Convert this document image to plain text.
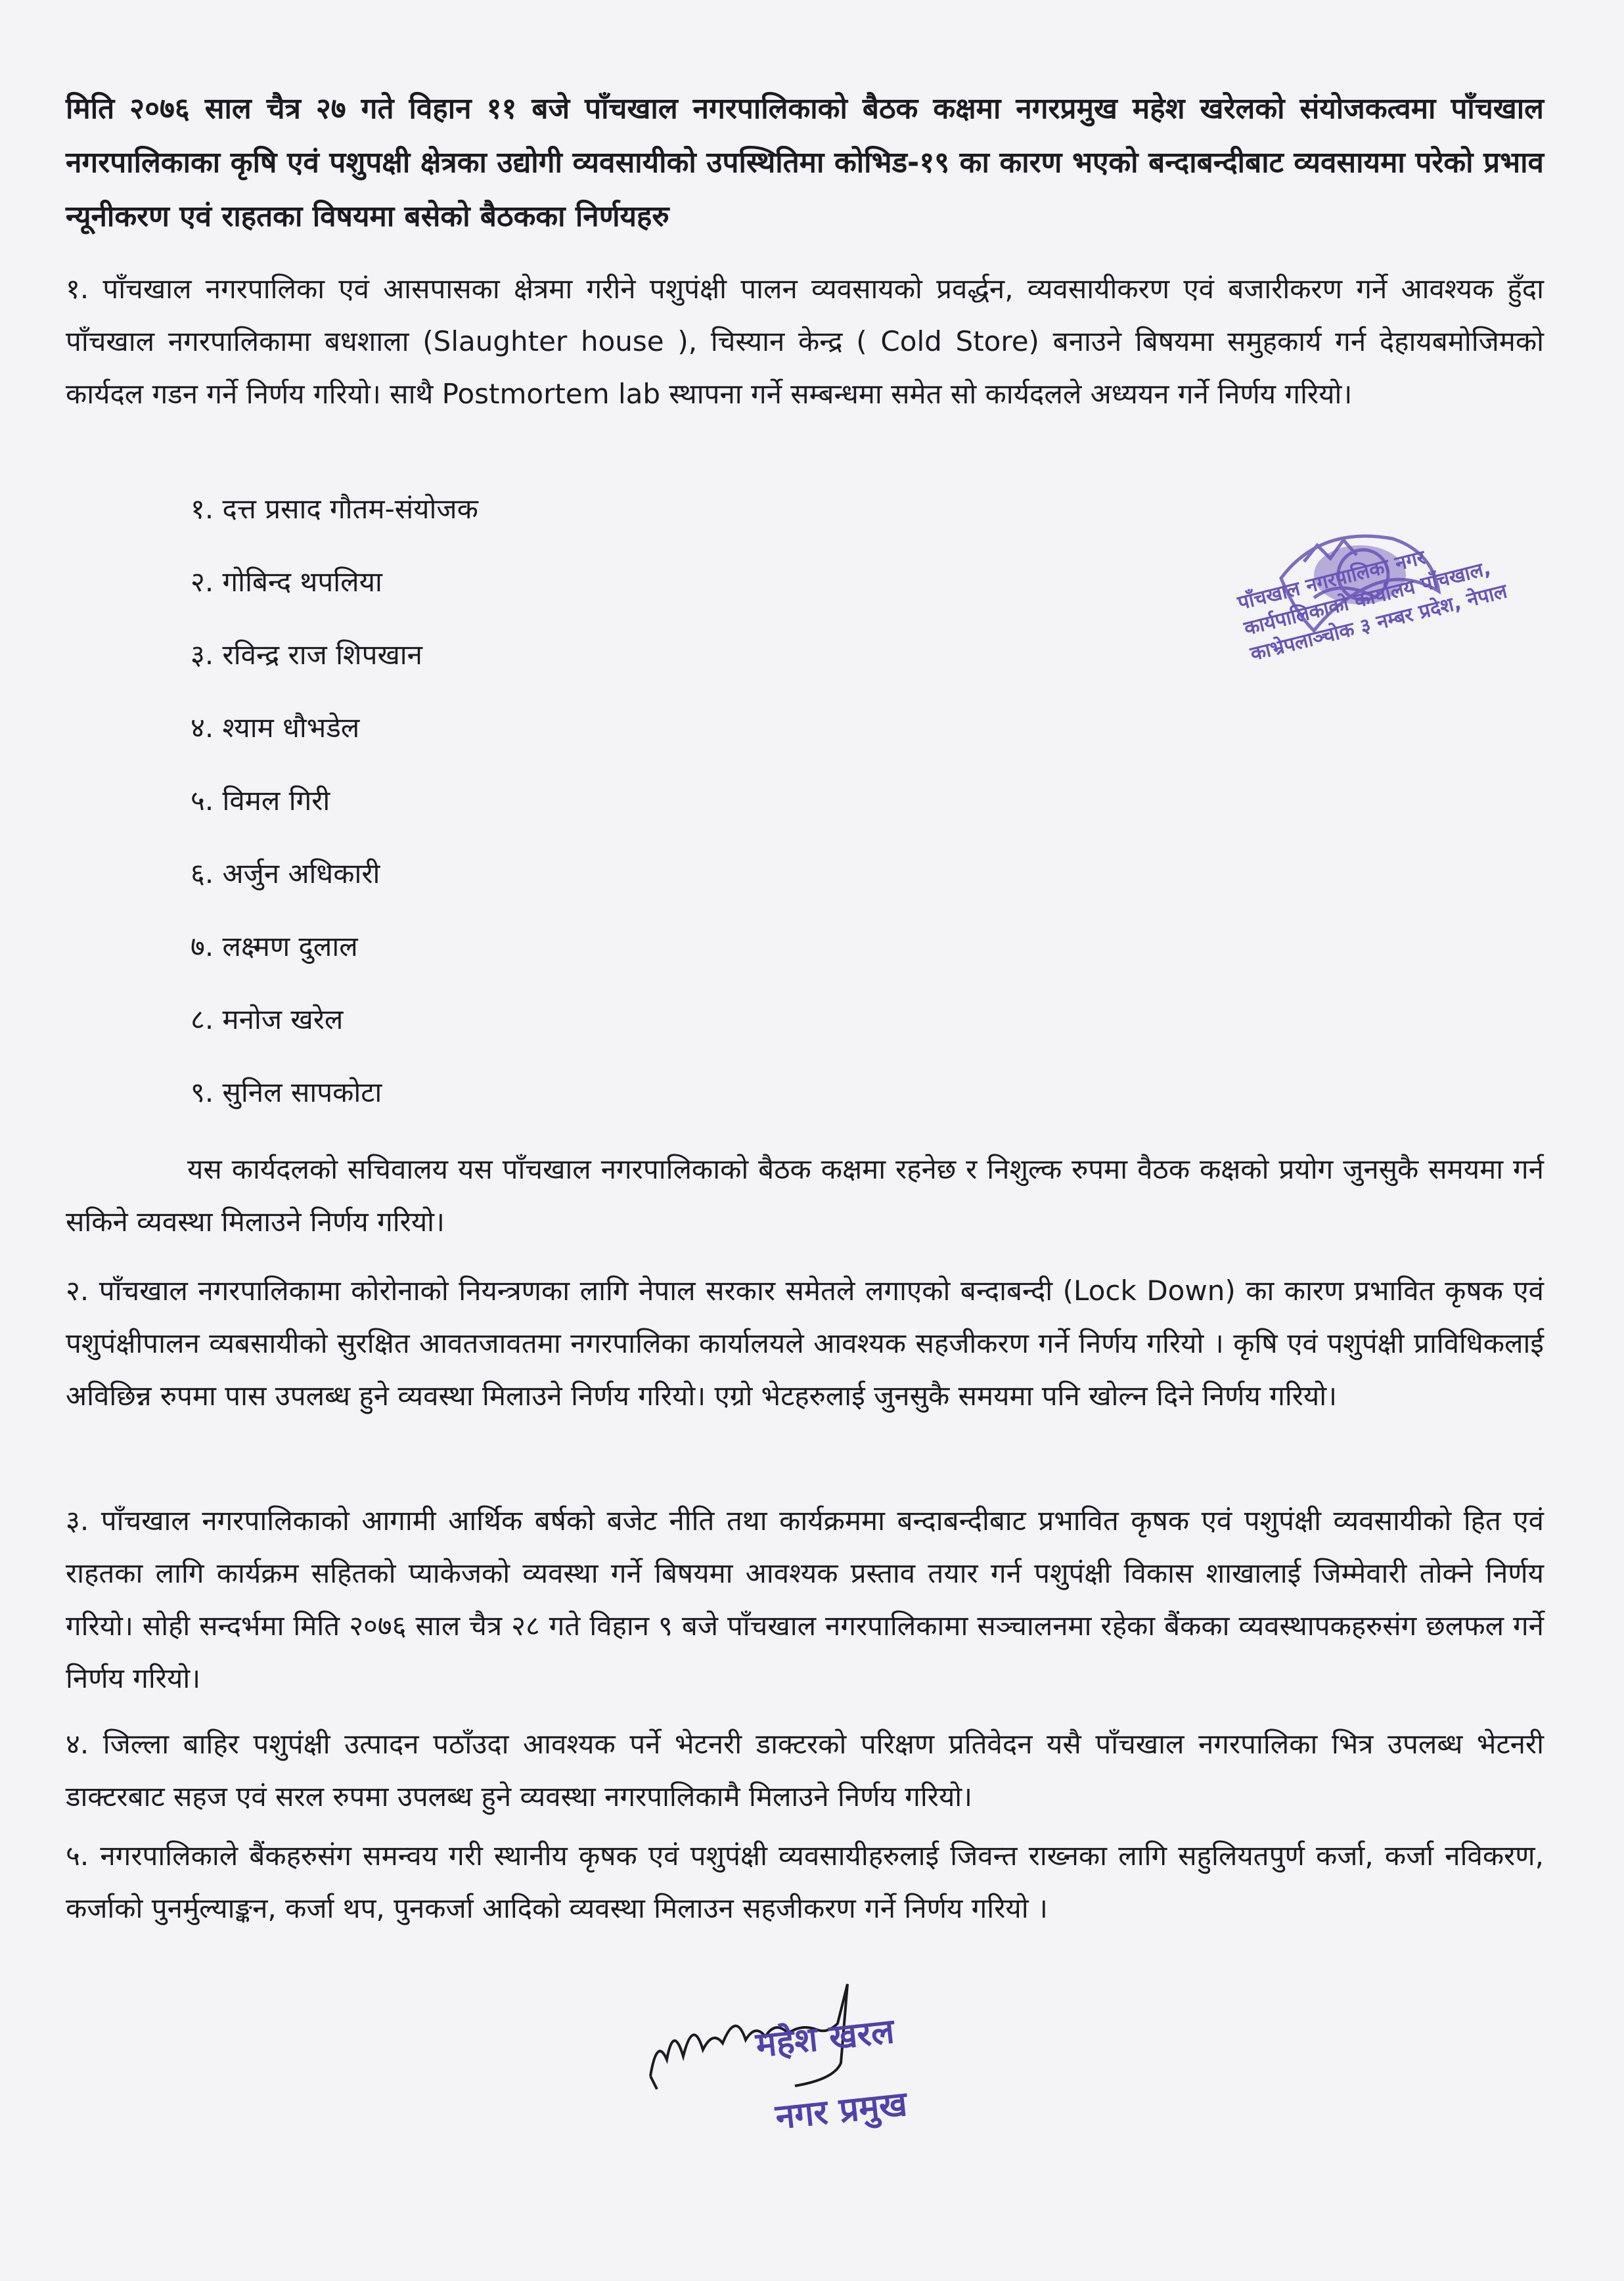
मिति २०७६ साल चैत्र २७ गते विहान ११ बजे पाँचखाल नगरपालिकाको बैठक कक्षमा नगरप्रमुख महेश खरेलको संयोजकत्वमा पाँचखाल नगरपालिकाका कृषि एवं पशुपक्षी क्षेत्रका उद्योगी व्यवसायीको उपस्थितिमा कोभिड-१९ का कारण भएको बन्दाबन्दीबाट व्यवसायमा परेको प्रभाव न्यूनीकरण एवं राहतका विषयमा बसेको बैठकका निर्णयहरु
१. पाँचखाल नगरपालिका एवं आसपासका क्षेत्रमा गरीने पशुपंक्षी पालन व्यवसायको प्रवर्द्धन, व्यवसायीकरण एवं बजारीकरण गर्ने आवश्यक हुँदा पाँचखाल नगरपालिकामा बधशाला (Slaughter house ), चिस्यान केन्द्र ( Cold Store) बनाउने बिषयमा समुहकार्य गर्न देहायबमोजिमको कार्यदल गडन गर्ने निर्णय गरियो। साथै Postmortem lab स्थापना गर्ने सम्बन्धमा समेत सो कार्यदलले अध्ययन गर्ने निर्णय गरियो।
१. दत्त प्रसाद गौतम-संयोजक
२. गोबिन्द थपलिया
३. रविन्द्र राज शिपखान
४. श्याम धौभडेल
५. विमल गिरी
६. अर्जुन अधिकारी
७. लक्ष्मण दुलाल
८. मनोज खरेल
९. सुनिल सापकोटा
यस कार्यदलको सचिवालय यस पाँचखाल नगरपालिकाको बैठक कक्षमा रहनेछ र निशुल्क रुपमा वैठक कक्षको प्रयोग जुनसुकै समयमा गर्न सकिने व्यवस्था मिलाउने निर्णय गरियो।
२. पाँचखाल नगरपालिकामा कोरोनाको नियन्त्रणका लागि नेपाल सरकार समेतले लगाएको बन्दाबन्दी (Lock Down) का कारण प्रभावित कृषक एवं पशुपंक्षीपालन व्यबसायीको सुरक्षित आवतजावतमा नगरपालिका कार्यालयले आवश्यक सहजीकरण गर्ने निर्णय गरियो । कृषि एवं पशुपंक्षी प्राविधिकलाई अविछिन्न रुपमा पास उपलब्ध हुने व्यवस्था मिलाउने निर्णय गरियो। एग्रो भेटहरुलाई जुनसुकै समयमा पनि खोल्न दिने निर्णय गरियो।
३. पाँचखाल नगरपालिकाको आगामी आर्थिक बर्षको बजेट नीति तथा कार्यक्रममा बन्दाबन्दीबाट प्रभावित कृषक एवं पशुपंक्षी व्यवसायीको हित एवं राहतका लागि कार्यक्रम सहितको प्याकेजको व्यवस्था गर्ने बिषयमा आवश्यक प्रस्ताव तयार गर्न पशुपंक्षी विकास शाखालाई जिम्मेवारी तोक्ने निर्णय गरियो। सोही सन्दर्भमा मिति २०७६ साल चैत्र २८ गते विहान ९ बजे पाँचखाल नगरपालिकामा सञ्चालनमा रहेका बैंकका व्यवस्थापकहरुसंग छलफल गर्ने निर्णय गरियो।
४. जिल्ला बाहिर पशुपंक्षी उत्पादन पठाँउदा आवश्यक पर्ने भेटनरी डाक्टरको परिक्षण प्रतिवेदन यसै पाँचखाल नगरपालिका भित्र उपलब्ध भेटनरी डाक्टरबाट सहज एवं सरल रुपमा उपलब्ध हुने व्यवस्था नगरपालिकामै मिलाउने निर्णय गरियो।
५. नगरपालिकाले बैंकहरुसंग समन्वय गरी स्थानीय कृषक एवं पशुपंक्षी व्यवसायीहरुलाई जिवन्त राख्नका लागि सहुलियतपुर्ण कर्जा, कर्जा नविकरण, कर्जाको पुनर्मुल्याङ्कन, कर्जा थप, पुनकर्जा आदिको व्यवस्था मिलाउन सहजीकरण गर्ने निर्णय गरियो ।
पाँचखाल नगरपालिका नगर कार्यपालिकाको कार्यालय पाँचखाल, काभ्रेपलाञ्चोक ३ नम्बर प्रदेश, नेपाल
महेश खरल
नगर प्रमुख
